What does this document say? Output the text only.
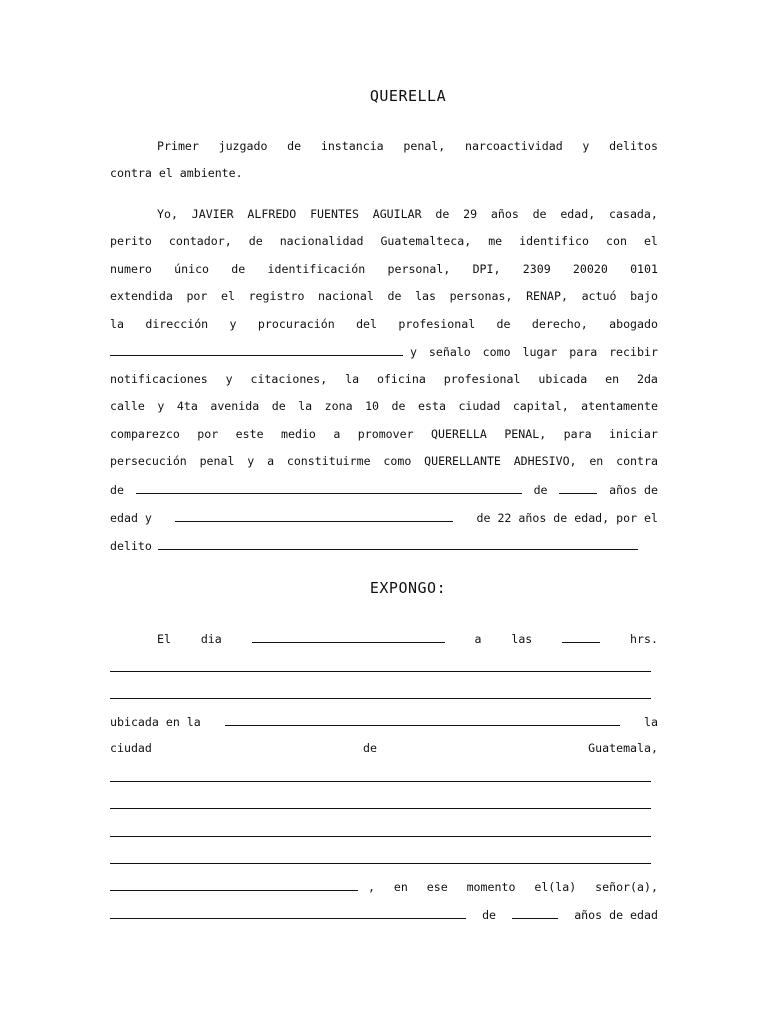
QUERELLA
Primer juzgado de instancia penal, narcoactividad y delitos
contra el ambiente.
Yo, JAVIER ALFREDO FUENTES AGUILAR de 29 años de edad, casada,
perito contador, de nacionalidad Guatemalteca, me identifico con el
numero único de identificación personal, DPI, 2309 20020 0101
extendida por el registro nacional de las personas, RENAP, actuó bajo
la dirección y procuración del profesional de derecho, abogado
y señalo como lugar para recibir
notificaciones y citaciones, la oficina profesional ubicada en 2da
calle y 4ta avenida de la zona 10 de esta ciudad capital, atentamente
comparezco por este medio a promover QUERELLA PENAL, para iniciar
persecución penal y a constituirme como QUERELLANTE ADHESIVO, en contra
de	de	años de
edad y	de 22 años de edad, por el
delito
EXPONGO:
El	dia	a	las	hrs.
ubicada en la	la
ciudad	de	Guatemala,
, en ese momento el(la) señor(a),
de	años de edad
